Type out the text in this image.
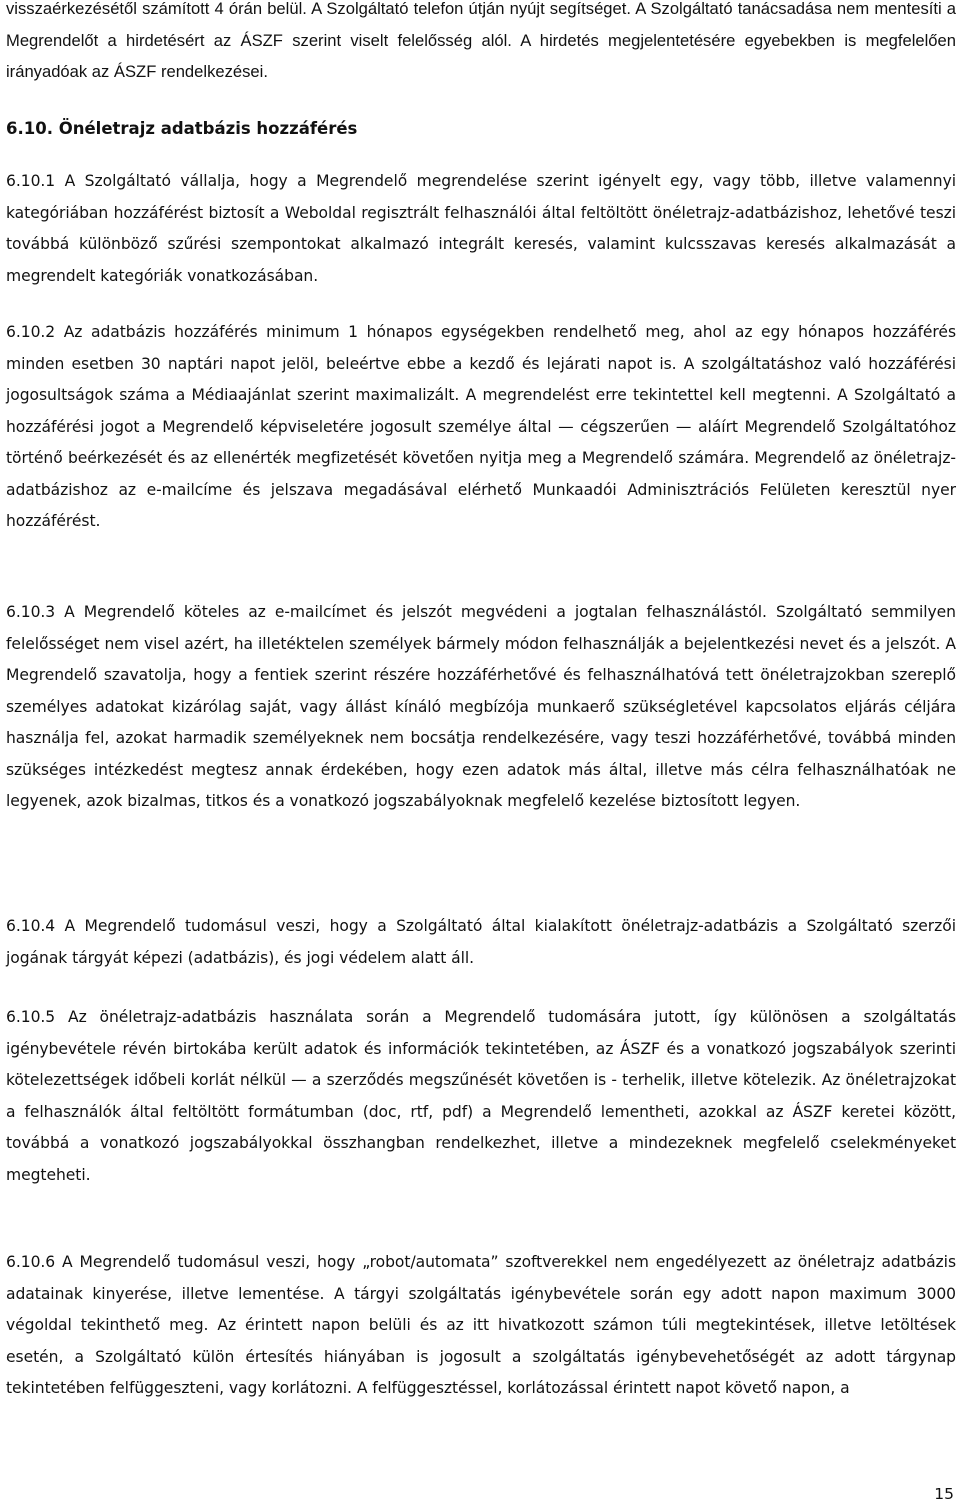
visszaérkezésétől számított 4 órán belül. A Szolgáltató telefon útján nyújt segítséget. A Szolgáltató tanácsadása nem mentesíti a Megrendelőt a hirdetésért az ÁSZF szerint viselt felelősség alól. A hirdetés megjelentetésére egyebekben is megfelelően irányadóak az ÁSZF rendelkezései.

6.10. Önéletrajz adatbázis hozzáférés

6.10.1 A Szolgáltató vállalja, hogy a Megrendelő megrendelése szerint igényelt egy, vagy több, illetve valamennyi kategóriában hozzáférést biztosít a Weboldal regisztrált felhasználói által feltöltött önéletrajz-adatbázishoz, lehetővé teszi továbbá különböző szűrési szempontokat alkalmazó integrált keresés, valamint kulcsszavas keresés alkalmazását a megrendelt kategóriák vonatkozásában.

6.10.2 Az adatbázis hozzáférés minimum 1 hónapos egységekben rendelhető meg, ahol az egy hónapos hozzáférés minden esetben 30 naptári napot jelöl, beleértve ebbe a kezdő és lejárati napot is. A szolgáltatáshoz való hozzáférési jogosultságok száma a Médiaajánlat szerint maximalizált. A megrendelést erre tekintettel kell megtenni. A Szolgáltató a hozzáférési jogot a Megrendelő képviseletére jogosult személye által — cégszerűen — aláírt Megrendelő Szolgáltatóhoz történő beérkezését és az ellenérték megfizetését követően nyitja meg a Megrendelő számára. Megrendelő az önéletrajz-adatbázishoz az e-mailcíme és jelszava megadásával elérhető Munkaadói Adminisztrációs Felületen keresztül nyer hozzáférést.

6.10.3 A Megrendelő köteles az e-mailcímet és jelszót megvédeni a jogtalan felhasználástól. Szolgáltató semmilyen felelősséget nem visel azért, ha illetéktelen személyek bármely módon felhasználják a bejelentkezési nevet és a jelszót. A Megrendelő szavatolja, hogy a fentiek szerint részére hozzáférhetővé és felhasználhatóvá tett önéletrajzokban szereplő személyes adatokat kizárólag saját, vagy állást kínáló megbízója munkaerő szükségletével kapcsolatos eljárás céljára használja fel, azokat harmadik személyeknek nem bocsátja rendelkezésére, vagy teszi hozzáférhetővé, továbbá minden szükséges intézkedést megtesz annak érdekében, hogy ezen adatok más által, illetve más célra felhasználhatóak ne legyenek, azok bizalmas, titkos és a vonatkozó jogszabályoknak megfelelő kezelése biztosított legyen.

6.10.4 A Megrendelő tudomásul veszi, hogy a Szolgáltató által kialakított önéletrajz-adatbázis a Szolgáltató szerzői jogának tárgyát képezi (adatbázis), és jogi védelem alatt áll.

6.10.5 Az önéletrajz-adatbázis használata során a Megrendelő tudomására jutott, így különösen a szolgáltatás igénybevétele révén birtokába került adatok és információk tekintetében, az ÁSZF és a vonatkozó jogszabályok szerinti kötelezettségek időbeli korlát nélkül — a szerződés megszűnését követően is - terhelik, illetve kötelezik. Az önéletrajzokat a felhasználók által feltöltött formátumban (doc, rtf, pdf) a Megrendelő lementheti, azokkal az ÁSZF keretei között, továbbá a vonatkozó jogszabályokkal összhangban rendelkezhet, illetve a mindezeknek megfelelő cselekményeket megteheti.

6.10.6 A Megrendelő tudomásul veszi, hogy „robot/automata” szoftverekkel nem engedélyezett az önéletrajz adatbázis adatainak kinyerése, illetve lementése. A tárgyi szolgáltatás igénybevétele során egy adott napon maximum 3000 végoldal tekinthető meg. Az érintett napon belüli és az itt hivatkozott számon túli megtekintések, illetve letöltések esetén, a Szolgáltató külön értesítés hiányában is jogosult a szolgáltatás igénybevehetőségét az adott tárgynap tekintetében felfüggeszteni, vagy korlátozni. A felfüggesztéssel, korlátozással érintett napot követő napon, a

15
